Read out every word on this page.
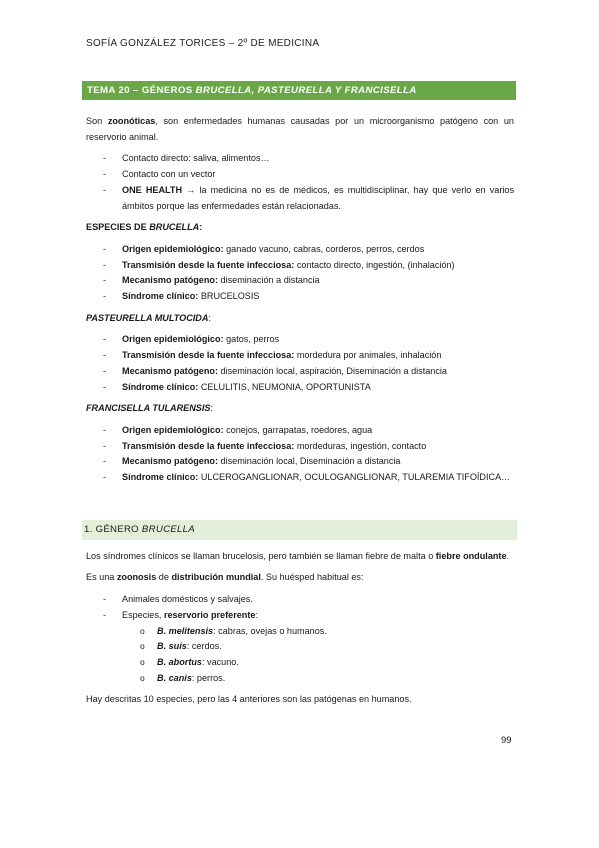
SOFÍA GONZÁLEZ TORICES – 2º DE MEDICINA
TEMA 20 – GÉNEROS BRUCELLA, PASTEURELLA Y FRANCISELLA

Son zoonóticas, son enfermedades humanas causadas por un microorganismo patógeno con un reservorio animal.

- Contacto directo: saliva, alimentos…
- Contacto con un vector
- ONE HEALTH → la medicina no es de médicos, es multidisciplinar, hay que verlo en varios ámbitos porque las enfermedades están relacionadas.

ESPECIES DE BRUCELLA:

- Origen epidemiológico: ganado vacuno, cabras, corderos, perros, cerdos
- Transmisión desde la fuente infecciosa: contacto directo, ingestión, (inhalación)
- Mecanismo patógeno: diseminación a distancia
- Síndrome clínico: BRUCELOSIS

PASTEURELLA MULTOCIDA:

- Origen epidemiológico: gatos, perros
- Transmisión desde la fuente infecciosa: mordedura por animales, inhalación
- Mecanismo patógeno: diseminación local, aspiración, Diseminación a distancia
- Síndrome clínico: CELULITIS, NEUMONIA, OPORTUNISTA

FRANCISELLA TULARENSIS:

- Origen epidemiológico: conejos, garrapatas, roedores, agua
- Transmisión desde la fuente infecciosa: mordeduras, ingestión, contacto
- Mecanismo patógeno: diseminación local, Diseminación a distancia
- Síndrome clínico: ULCEROGANGLIONAR, OCULOGANGLIONAR, TULAREMIA TIFOÍDICA…
1. GÉNERO BRUCELLA

Los síndromes clínicos se llaman brucelosis, pero también se llaman fiebre de malta o fiebre ondulante.

Es una zoonosis de distribución mundial. Su huésped habitual es:

- Animales domésticos y salvajes.
- Especies, reservorio preferente:
o B. melitensis: cabras, ovejas o humanos.
o B. suis: cerdos.
o B. abortus: vacuno.
o B. canis: perros.

Hay descritas 10 especies, pero las 4 anteriores son las patógenas en humanos.

99
